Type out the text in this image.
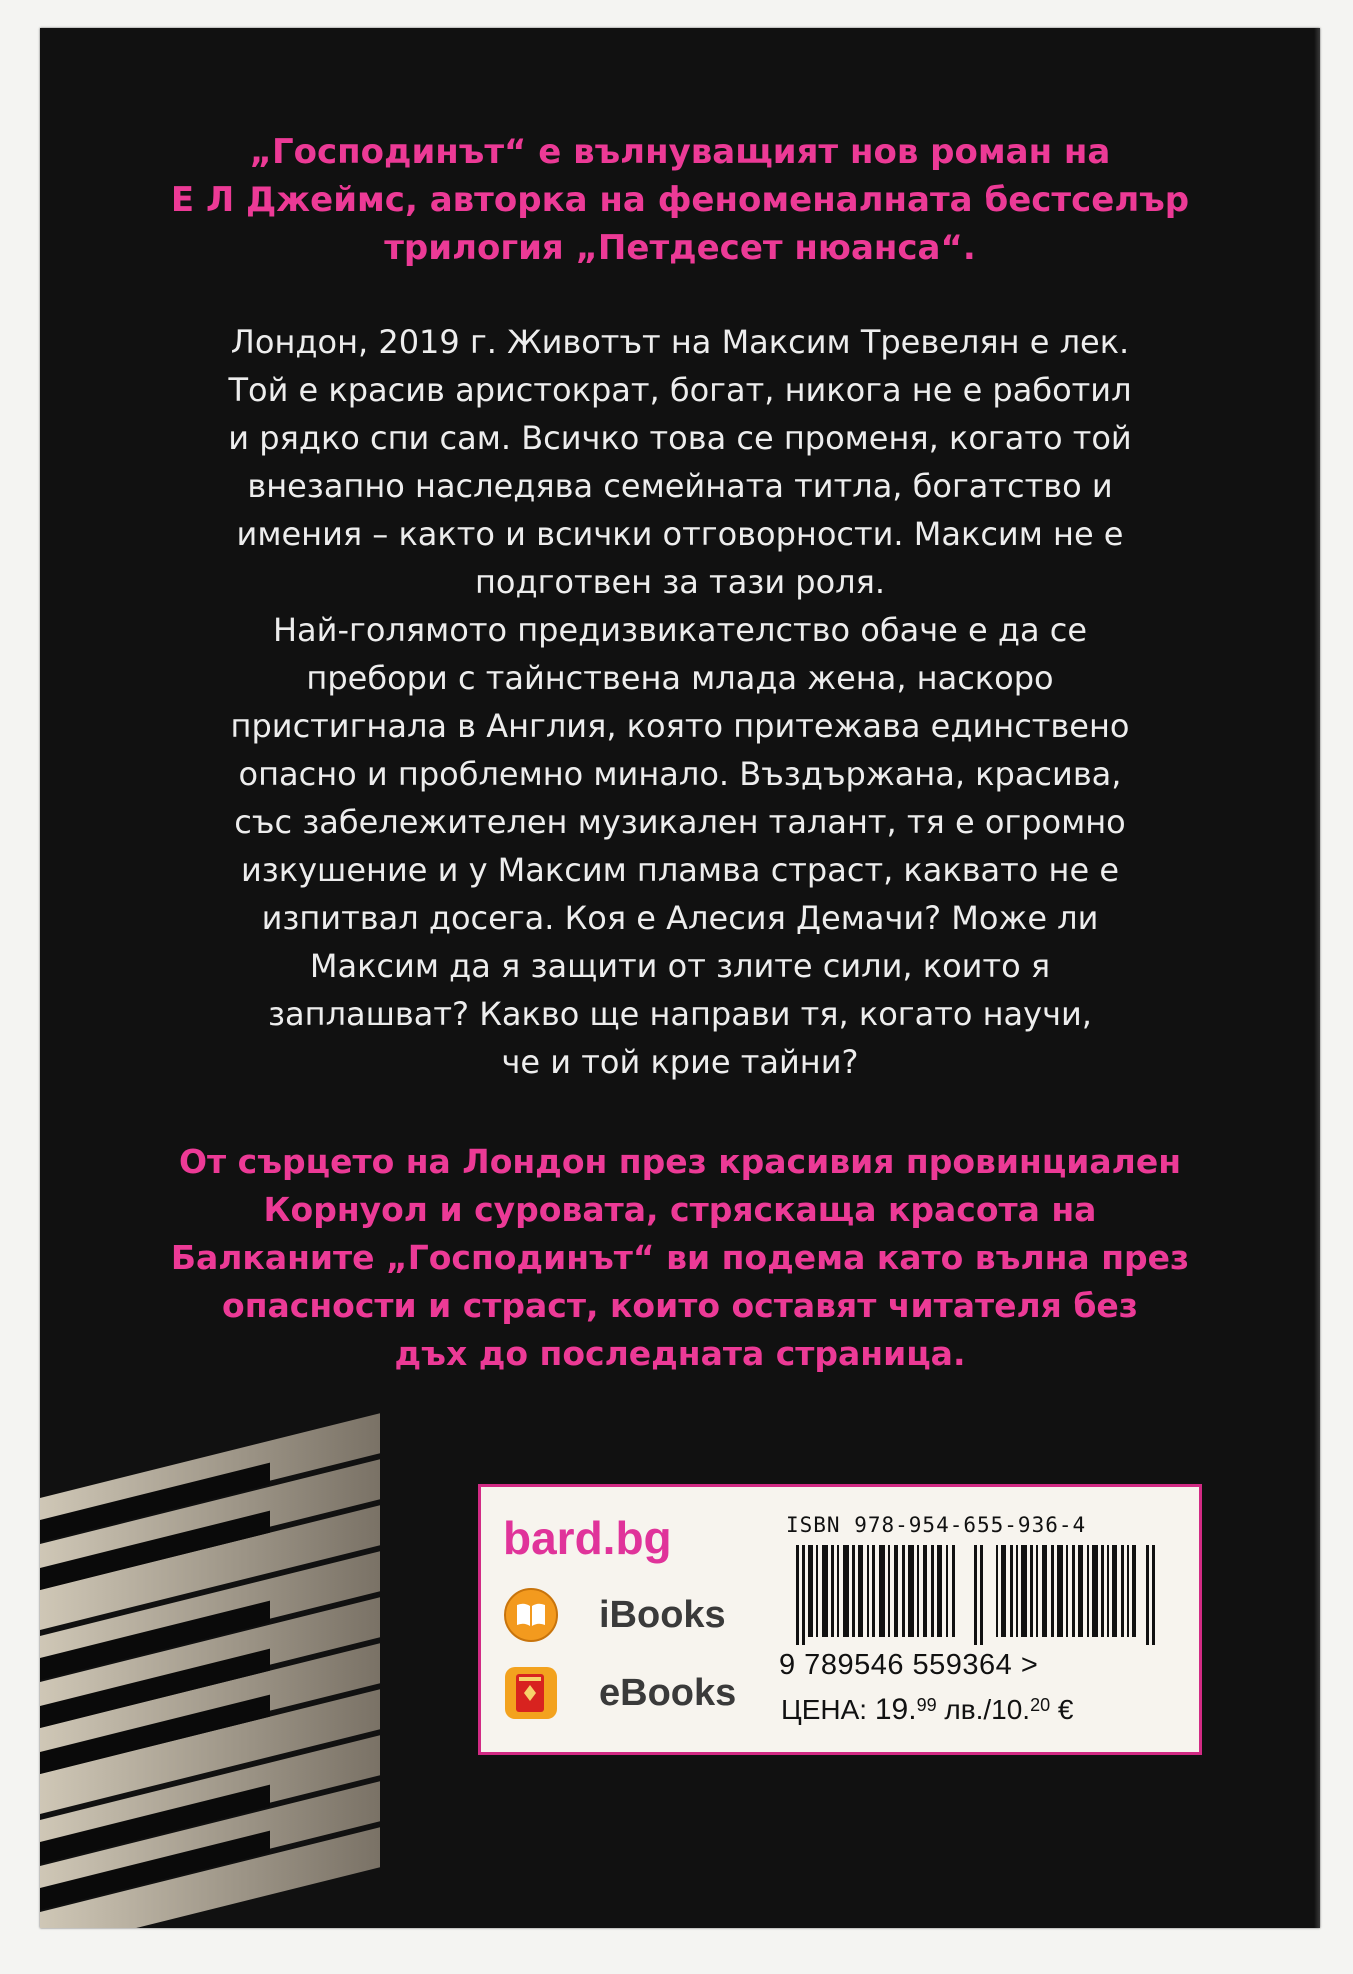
„Господинът“ е вълнуващият нов роман на
Е Л Джеймс, авторка на феноменалната бестселър
трилогия „Петдесет нюанса“.

Лондон, 2019 г. Животът на Максим Тревелян е лек.
Той е красив аристократ, богат, никога не е работил
и рядко спи сам. Всичко това се променя, когато той
внезапно наследява семейната титла, богатство и
имения – както и всички отговорности. Максим не е
подготвен за тази роля.

Най-голямото предизвикателство обаче е да се
пребори с тайнствена млада жена, наскоро
пристигнала в Англия, която притежава единствено
опасно и проблемно минало. Въздържана, красива,
със забележителен музикален талант, тя е огромно
изкушение и у Максим пламва страст, каквато не е
изпитвал досега. Коя е Алесия Демачи? Може ли
Максим да я защити от злите сили, които я
заплашват? Какво ще направи тя, когато научи,
че и той крие тайни?

От сърцето на Лондон през красивия провинциален
Корнуол и суровата, стряскаща красота на
Балканите „Господинът“ ви подема като вълна през
опасности и страст, които оставят читателя без
дъх до последната страница.

bard.bg

iBooks
eBooks

ISBN 978-954-655-936-4

9 789546 559364 >

ЦЕНА: 19.99 лв./10.20 €
